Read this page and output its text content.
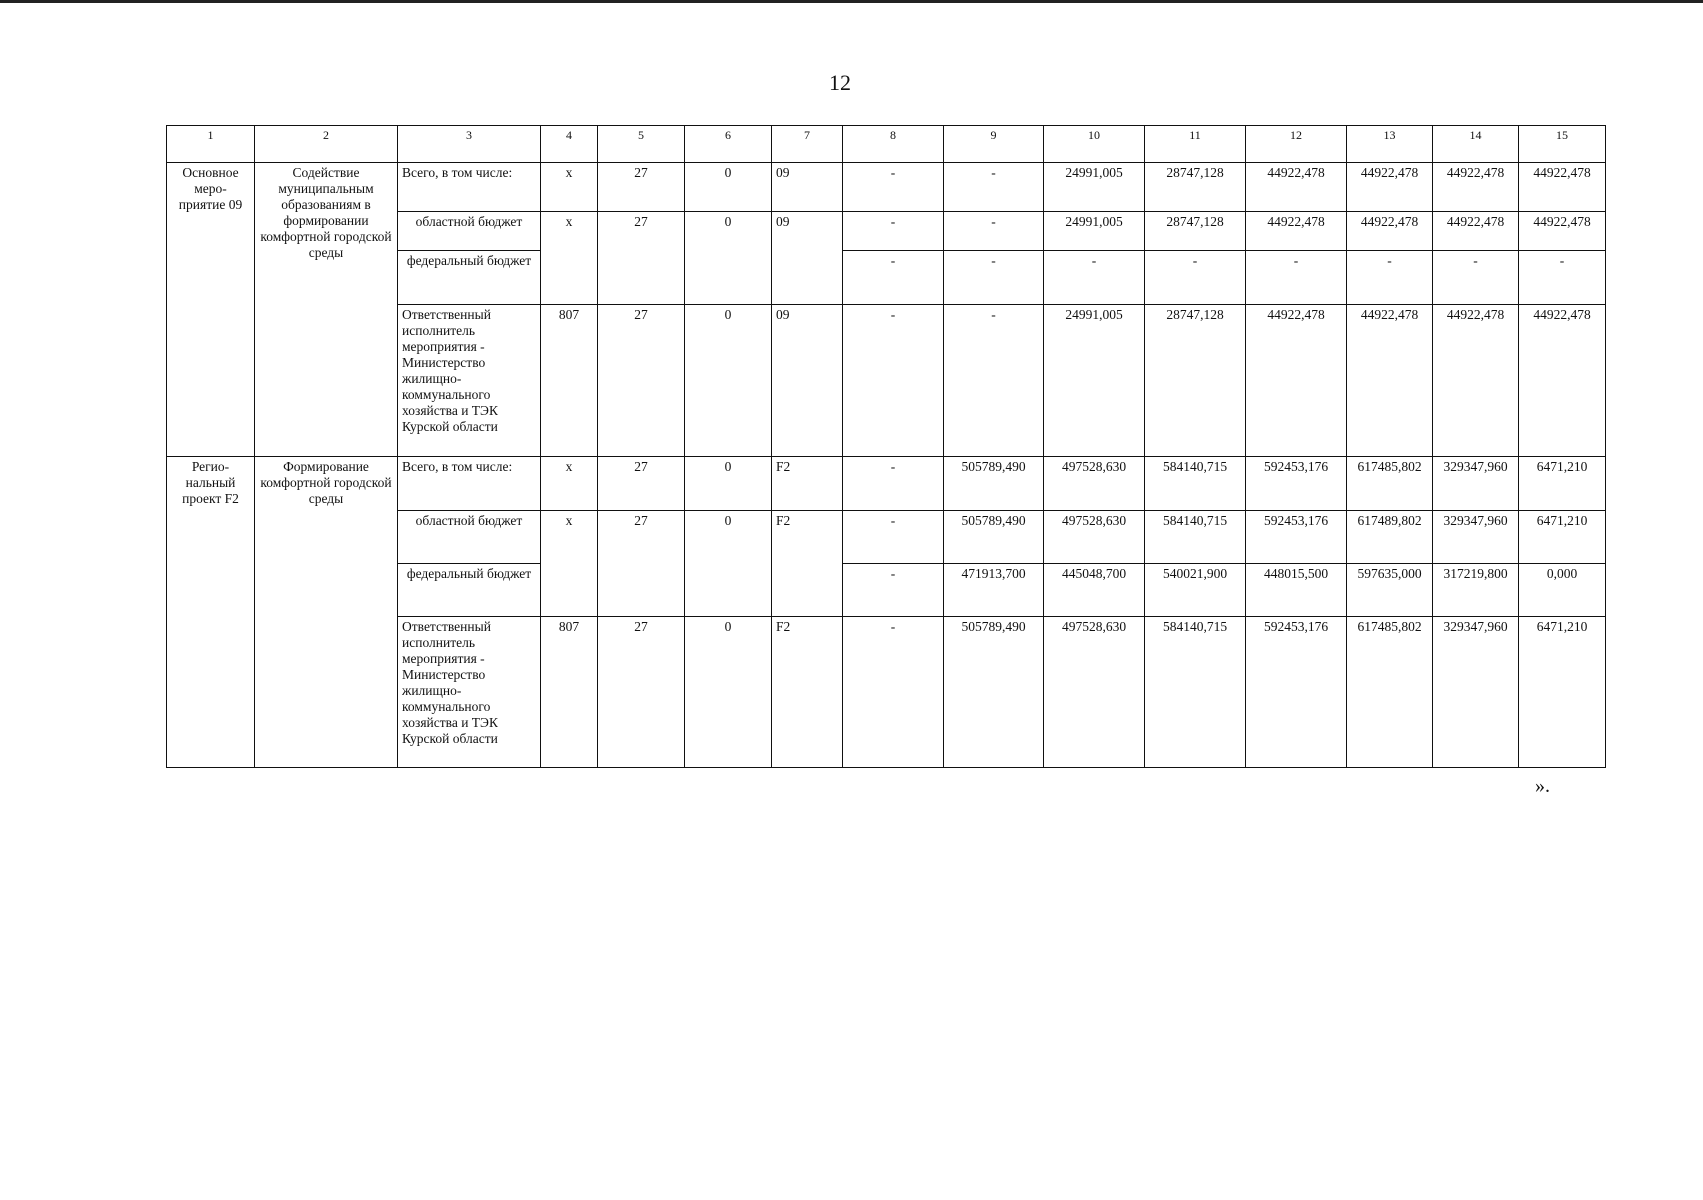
12
1	2	3	4	5	6	7	8	9	10	11	12	13	14	15
Основное меро-приятие 09	Содействие муниципальным образованиям в формировании комфортной городской среды	Всего, в том числе:	х	27	0	09	-	-	24991,005	28747,128	44922,478	44922,478	44922,478	44922,478
		областной бюджет	х	27	0	09	-	-	24991,005	28747,128	44922,478	44922,478	44922,478	44922,478
		федеральный бюджет					-	-	-	-	-	-	-	-
		Ответственный исполнитель мероприятия - Министерство жилищно-коммунального хозяйства и ТЭК Курской области	807	27	0	09	-	-	24991,005	28747,128	44922,478	44922,478	44922,478	44922,478
Регио-нальный проект F2	Формирование комфортной городской среды	Всего, в том числе:	х	27	0	F2	-	505789,490	497528,630	584140,715	592453,176	617485,802	329347,960	6471,210
		областной бюджет	х	27	0	F2	-	505789,490	497528,630	584140,715	592453,176	617489,802	329347,960	6471,210
		федеральный бюджет					-	471913,700	445048,700	540021,900	448015,500	597635,000	317219,800	0,000
		Ответственный исполнитель мероприятия - Министерство жилищно-коммунального хозяйства и ТЭК Курской области	807	27	0	F2	-	505789,490	497528,630	584140,715	592453,176	617485,802	329347,960	6471,210
».
